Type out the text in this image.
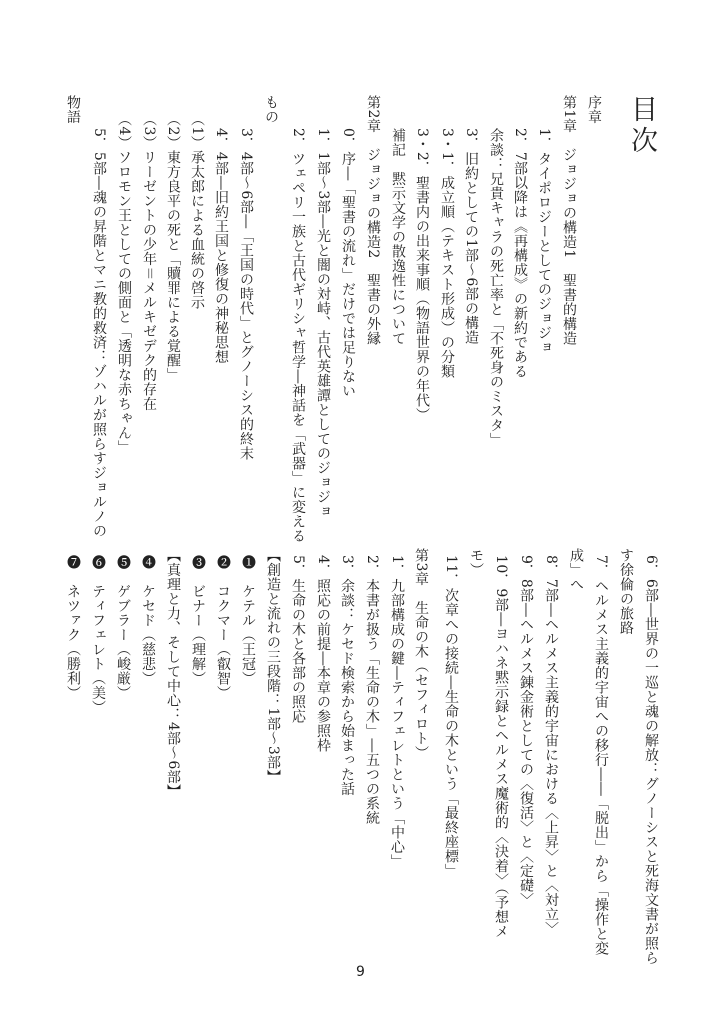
目次
序章
第1章　ジョジョの構造1　聖書的構造
1．タイポロジーとしてのジョジョ
2．7部以降は《再構成》の新約である
余談：兄貴キャラの死亡率と「不死身のミスタ」
3．旧約としての1部～6部の構造
3・1．成立順（テキスト形成）の分類
3・2．聖書内の出来事順（物語世界の年代）
補記　黙示文学の散逸性について
第2章　ジョジョの構造2　聖書の外縁
0．序―「聖書の流れ」だけでは足りない
1．1部～3部―光と闇の対峙、古代英雄譚としてのジョジョ
2．ツェペリ一族と古代ギリシャ哲学―神話を「武器」に変える
もの
3．4部～6部―「王国の時代」とグノーシス的終末
4．4部―旧約王国と修復の神秘思想
（1）承太郎による血統の啓示
（2）東方良平の死と「贖罪による覚醒」
（3）リーゼントの少年＝メルキゼデク的存在
（4）ソロモン王としての側面と「透明な赤ちゃん」
5．5部―魂の昇階とマニ教的救済：ゾハルが照らすジョルノの
物語
6．6部―世界の一巡と魂の解放：グノーシスと死海文書が照ら
す徐倫の旅路
7．ヘルメス主義的宇宙への移行――「脱出」から「操作と変
成」へ
8．7部―ヘルメス主義的宇宙における〈上昇〉と〈対立〉
9．8部―ヘルメス錬金術としての〈復活〉と〈定礎〉
10．9部―ヨハネ黙示録とヘルメス魔術的〈決着〉（予想メ
モ）
11．次章への接続―生命の木という「最終座標」
第3章　生命の木（セフィロト）
1．九部構成の鍵―ティフェレトという「中心」
2．本書が扱う「生命の木」―五つの系統
3．余談：ケセド検索から始まった話
4．照応の前提―本章の参照枠
5．生命の木と各部の照応
【創造と流れの三段階：1部～3部】
❶　ケテル（王冠）
❷　コクマー（叡智）
❸　ビナー（理解）
【真理と力、そして中心：4部～6部】
❹　ケセド（慈悲）
❺　ゲブラー（峻厳）
❻　ティフェレト（美）
❼　ネツァク（勝利）
9
